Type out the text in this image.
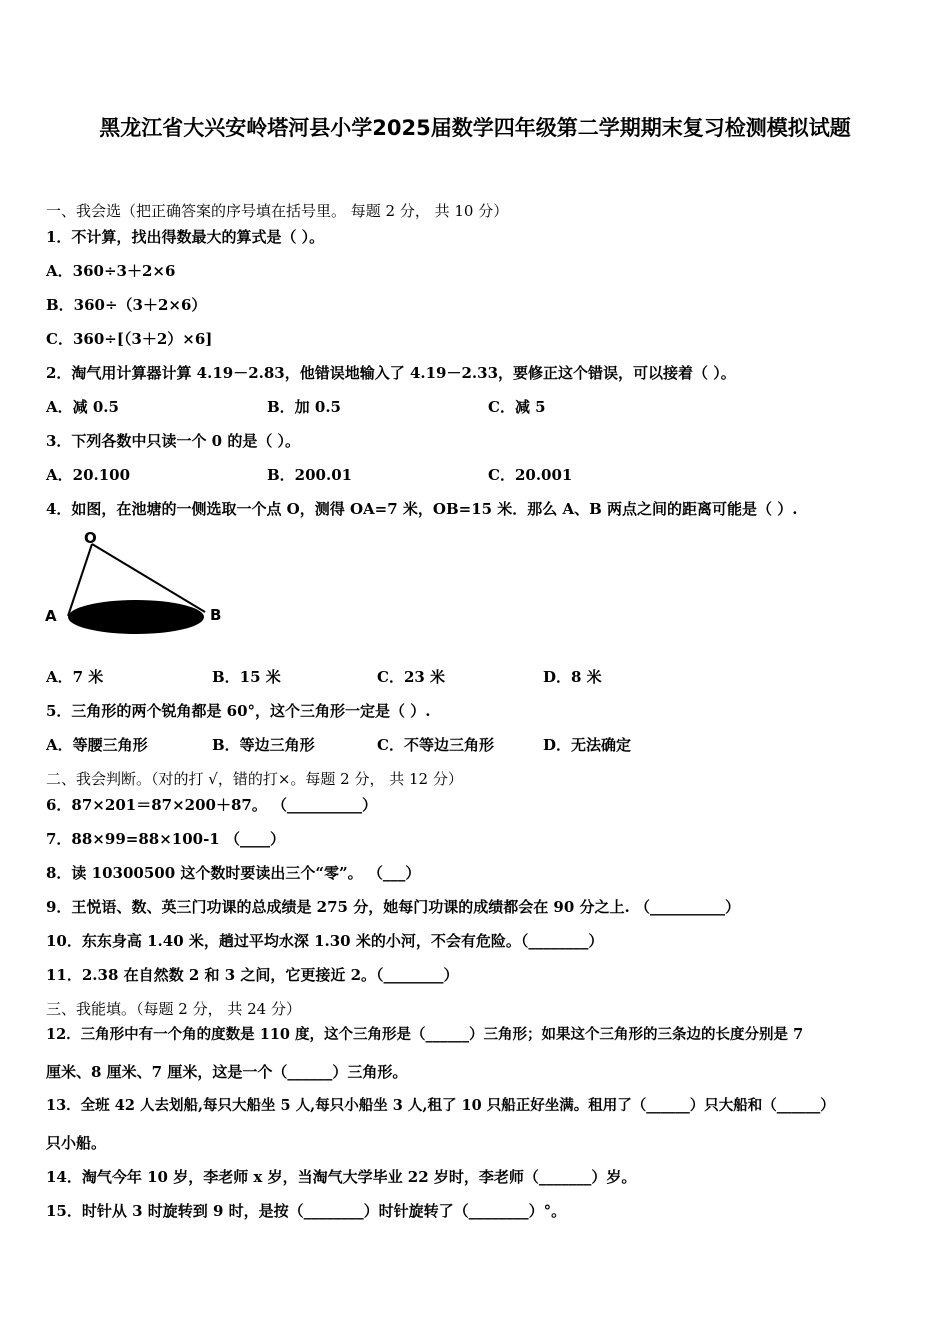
黑龙江省大兴安岭塔河县小学2025届数学四年级第二学期期末复习检测模拟试题
一、我会选（把正确答案的序号填在括号里。 每题 2 分， 共 10 分）
1．不计算，找出得数最大的算式是（ ）。
A．360÷3＋2×6
B．360÷（3＋2×6）
C．360÷[（3＋2）×6]
2．淘气用计算器计算 4.19－2.83，他错误地输入了 4.19－2.33，要修正这个错误，可以接着（ ）。
A．减 0.5	B．加 0.5	C．减 5
3．下列各数中只读一个 0 的是（ ）。
A．20.100	B．200.01	C．20.001
4．如图，在池塘的一侧选取一个点 O，测得 OA=7 米，OB=15 米．那么 A、B 两点之间的距离可能是（ ）.
O
A	B
A．7 米	B．15 米	C．23 米	D．8 米
5．三角形的两个锐角都是 60°，这个三角形一定是（ ）.
A．等腰三角形	B．等边三角形	C．不等边三角形	D．无法确定
二、我会判断。（对的打 √，错的打×。每题 2 分， 共 12 分）
6．87×201＝87×200＋87。 （__________）
7．88×99=88×100-1 （____）
8．读 10300500 这个数时要读出三个“零”。 （___）
9．王悦语、数、英三门功课的总成绩是 275 分，她每门功课的成绩都会在 90 分之上. （__________）
10．东东身高 1.40 米，趟过平均水深 1.30 米的小河，不会有危险。（________）
11．2.38 在自然数 2 和 3 之间，它更接近 2。（________）
三、我能填。（每题 2 分， 共 24 分）
12．三角形中有一个角的度数是 110 度，这个三角形是（______）三角形；如果这个三角形的三条边的长度分别是 7
厘米、8 厘米、7 厘米，这是一个（______）三角形。
13．全班 42 人去划船,每只大船坐 5 人,每只小船坐 3 人,租了 10 只船正好坐满。租用了（______）只大船和（______）
只小船。
14．淘气今年 10 岁，李老师 x 岁，当淘气大学毕业 22 岁时，李老师（_______）岁。
15．时针从 3 时旋转到 9 时，是按（________）时针旋转了（________）°。
